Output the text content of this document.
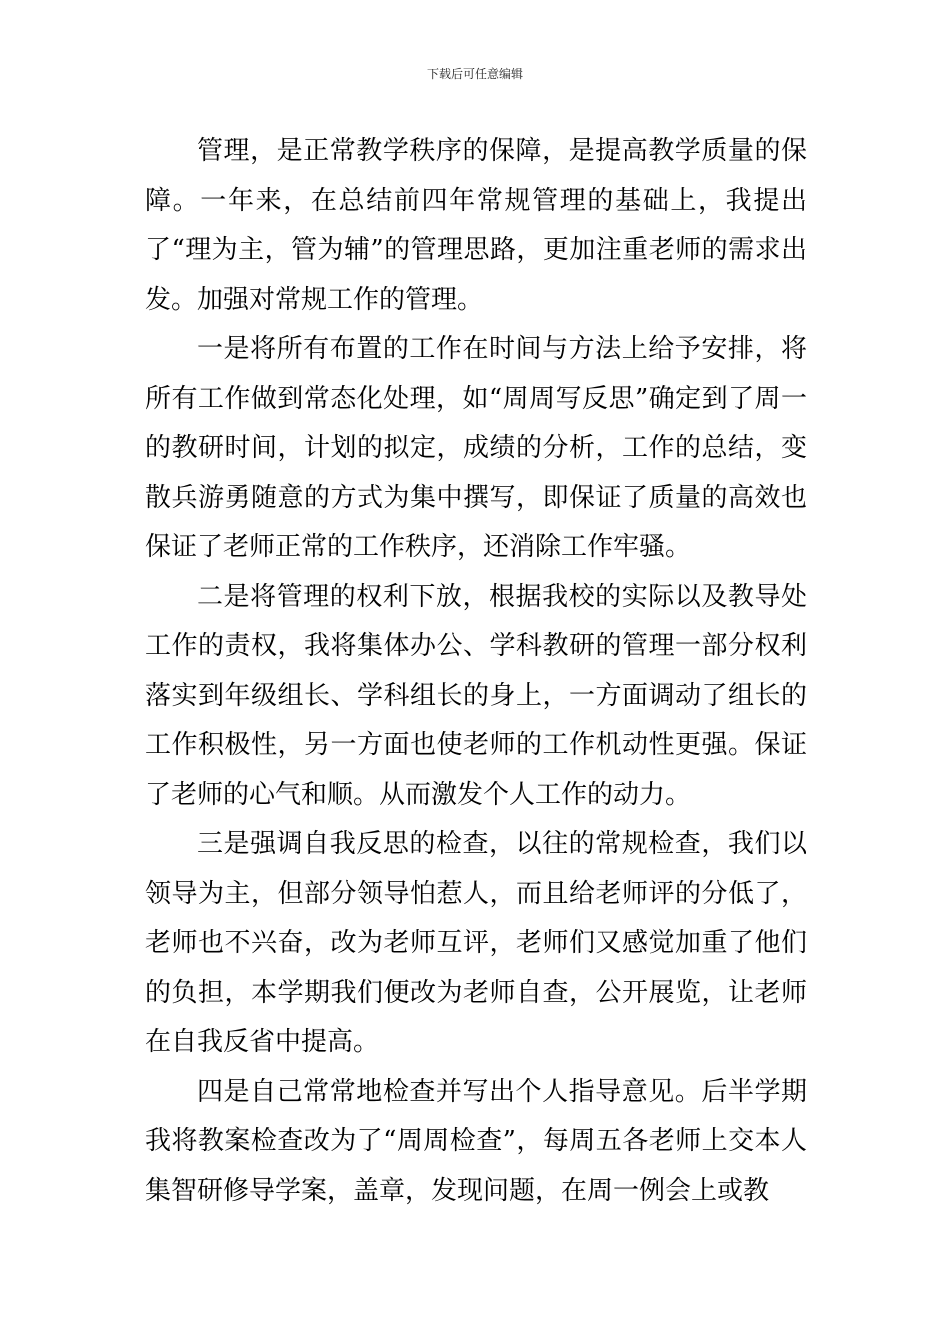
下载后可任意编辑

管理，是正常教学秩序的保障，是提高教学质量的保障。一年来，在总结前四年常规管理的基础上，我提出了“理为主，管为辅”的管理思路，更加注重老师的需求出发。加强对常规工作的管理。

一是将所有布置的工作在时间与方法上给予安排，将所有工作做到常态化处理，如“周周写反思”确定到了周一的教研时间，计划的拟定，成绩的分析，工作的总结，变散兵游勇随意的方式为集中撰写，即保证了质量的高效也保证了老师正常的工作秩序，还消除工作牢骚。

二是将管理的权利下放，根据我校的实际以及教导处工作的责权，我将集体办公、学科教研的管理一部分权利落实到年级组长、学科组长的身上，一方面调动了组长的工作积极性，另一方面也使老师的工作机动性更强。保证了老师的心气和顺。从而激发个人工作的动力。

三是强调自我反思的检查，以往的常规检查，我们以领导为主，但部分领导怕惹人，而且给老师评的分低了，老师也不兴奋，改为老师互评，老师们又感觉加重了他们的负担，本学期我们便改为老师自查，公开展览，让老师在自我反省中提高。

四是自己常常地检查并写出个人指导意见。后半学期我将教案检查改为了“周周检查”，每周五各老师上交本人集智研修导学案，盖章，发现问题，在周一例会上或教
